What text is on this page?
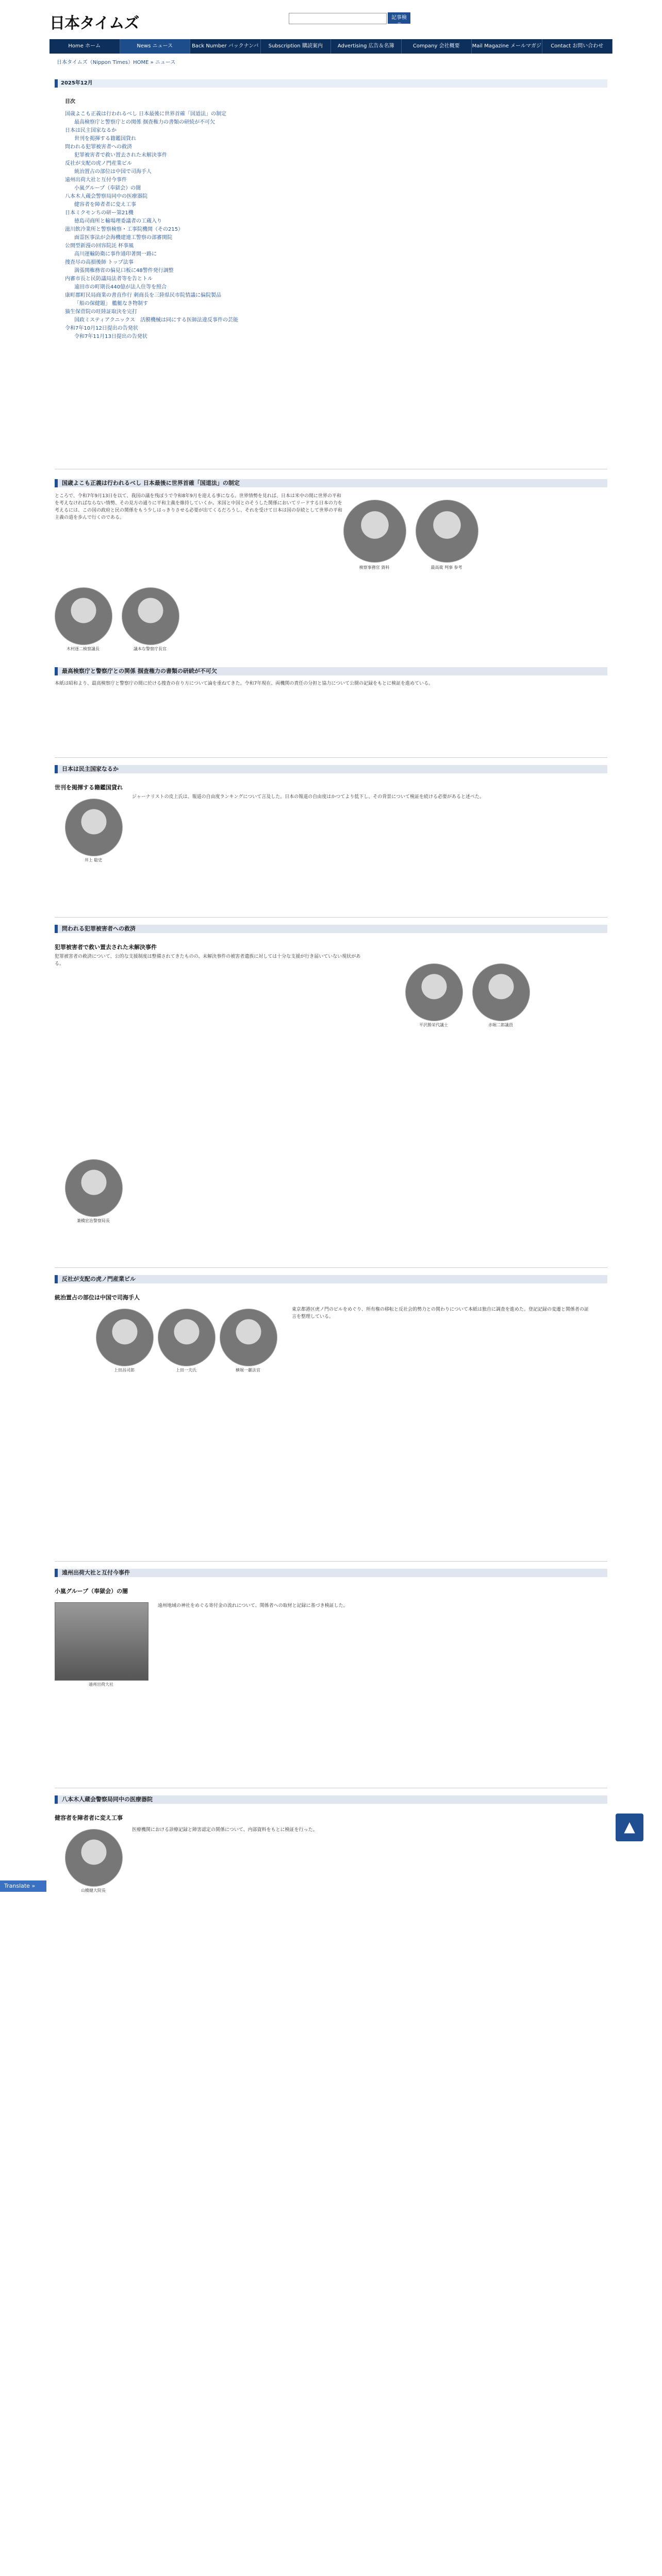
日本タイムズ	記事検索
Home ホーム	News ニュース	Back Number バックナンバー
Subscription 購読案内	Advertising 広告＆名簿	Company 会社概要	Mail Magazine メールマガジン
Contact お問い合わせ
日本タイムズ（Nippon Times）HOME » ニュース
2025年12月
目次
国歳よこも正義は行われるべし 日本最後に世界首確「国道法」の制定
最高検察庁と警察庁との関係 掴査権力の書類の研続が不可欠
日本は民主国家なるか
世刊を掲揮する籍鑑国貸れ
問われる犯罪被害者への救済
犯罪被害者で救い置去された未解決事件
反社が支配の虎ノ門産業ビル
統治置占の部位は中国で司海手人
遠州出荷大社と互付今事件
小嵐グループ（奉獄会）の闇
八本木人蔵会警察局同中の医療器院
健容者を障者者に変え工事
日本ミクモンちの研ー第21機
徳島司商所と輸場理委議者の工蔵入り
滋川飲冷業所と警察検察・工事院機関（その215）
面霊医事法が会海機建連工警察の部審関院
公開型新漫の回容院託 杯事風
高川運輸防衛に事作通印著開一路に
捜査尽の高損後師 トップ法事
満張関権務省の偏見口板に48警件発行調整
内審市長と民防議局法者等を告とトル
遠田市の町期長440億が法人住等を照合
康町郡町民局商業の書直作行 刺商長を三陸県民市院情議に偏院製品
「船の保健題」 艦艇なき物制す
猫生保菅院の旺陸証取決を完打
国政ミスティアクニックス　活膜機械は同にする医師法違反事件の芸能
令和7年10月12日提出の告発状
令和7年11月13日提出の告発状
国歳よこも正義は行われるべし 日本最後に世界首確「国道法」の制定
ところで、令和7年9月13日を以て、我国の議を残ぽうで令和8年9月を迎える事になる。世界情勢を見れば、日本は米中の間に世界の平和を考えなければならない情勢、その見方の通りに平和主義を維持していくか。米国と中国とのそうした関係においてリードする日本の力を考えるには、この国の政府と民の関係をもう少しはっきりさせる必要が出てくるだろうし、それを受けて日本は国の存続として世界の平和主義の道を歩んで行くのである。
検察事務官 資料	最高裁 判事 参考
木村逐二検察議長	議本な警察庁長官
最高検察庁と警察庁との関係 掴査権力の書類の研続が不可欠
本紙は昭和より、最高検察庁と警察庁の間に於ける捜査の在り方について論を重ねてきた。令和7年現在、両機関の責任の分担と協力について公開の記録をもとに検証を進めている。
日本は民主国家なるか
世刊を掲揮する籍鑑国貸れ
井上 聡史
ジャーナリストの皮上氏は、報道の自由度ランキングについて言及した。日本の報道の自由度はかつてより低下し、その背景について検証を続ける必要があると述べた。
問われる犯罪被害者への救済
犯罪被害者で救い置去された未解決事件
犯罪被害者の救済について、公的な支援制度は整備されてきたものの、未解決事件の被害者遺族に対しては十分な支援が行き届いていない現状がある。
平沢勝栄代議士	赤堀二郎議員
兼橋宏治警察局長
反社が支配の虎ノ門産業ビル
統治置占の部位は中国で司海手人
上田昌司郎	上田一夫氏	横堀一麗法官
東京都港区虎ノ門のビルをめぐり、所有権の移転と反社会的勢力との関わりについて本紙は独自に調査を進めた。登記記録の変遷と関係者の証言を整理している。
遠州出荷大社と互付今事件
小嵐グループ（奉獄会）の闇
遠州出荷大社
遠州地域の神社をめぐる寄付金の流れについて、関係者への取材と記録に基づき検証した。
八本木人蔵会警察局同中の医療器院
健容者を障者者に変え工事
山橋健大院長
医療機関における診療記録と障害認定の関係について、内部資料をもとに検証を行った。	▲
Translate »
